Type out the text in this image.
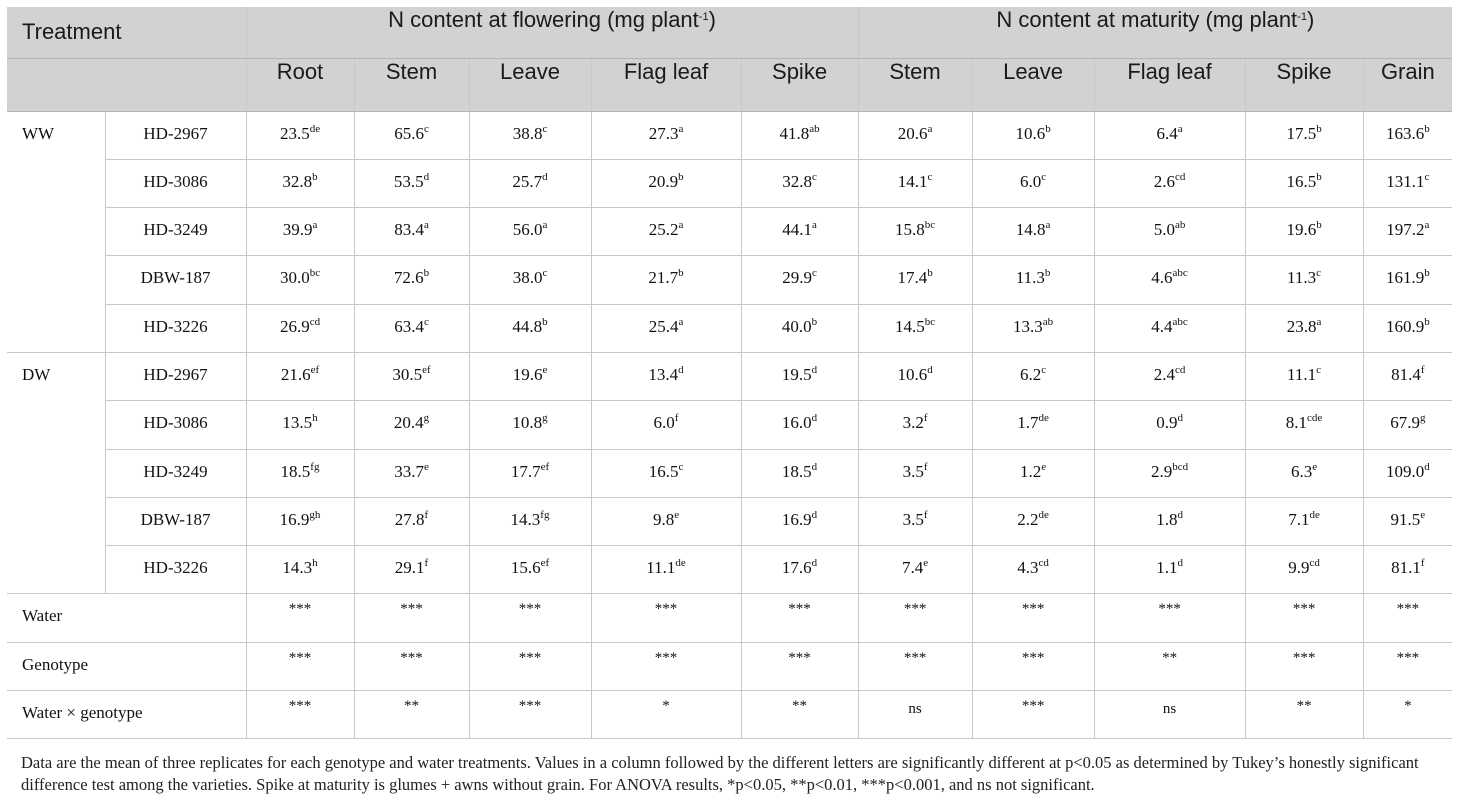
Treatment		N content at flowering (mg plant$^{-1}$)					N content at maturity (mg plant$^{-1}$)				
		Root	Stem	Leave	Flag leaf	Spike	Stem	Leave	Flag leaf	Spike	Grain
WW	HD-2967	23.5de	65.6$^c$	38.8$^c$	27.3$^a$	41.8$^{ab}$	20.6$^a$	10.6$^b$	6.4$^a$	17.5$^b$	163.6$^b$
	HD-3086	32.8$^b$	53.5$^d$	25.7$^d$	20.9$^b$	32.8$^c$	14.1$^c$	6.0$^c$	2.6$^{cd}$	16.5$^b$	131.1$^c$
	HD-3249	39.9$^a$	83.4$^a$	56.0$^a$	25.2$^a$	44.1$^a$	15.8$^{bc}$	14.8$^a$	5.0$^{ab}$	19.6$^b$	197.2$^a$
	DBW-187	30.0$^{bc}$	72.6$^b$	38.0$^c$	21.7$^b$	29.9$^c$	17.4$^b$	11.3$^b$	4.6$^{abc}$	11.3$^c$	161.9$^b$
	HD-3226	26.9$^{cd}$	63.4$^c$	44.8$^b$	25.4$^a$	40.0$^b$	14.5$^{bc}$	13.3$^{ab}$	4.4$^{abc}$	23.8$^a$	160.9$^b$
DW	HD-2967	21.6$^{ef}$	30.5$^{ef}$	19.6e	13.4$^d$	19.5$^d$	10.6$^d$	6.2$^c$	2.4$^{cd}$	11.1$^c$	81.4$^f$
	HD-3086	13.5$^h$	20.4$^g$	10.8$^g$	6.0$^f$	16.0$^d$	3.2$^f$	1.7de	0.9$^d$	8.1$^{cde}$	67.9$^g$
	HD-3249	18.5$^{fg}$	33.7e	17.7$^{ef}$	16.5$^c$	18.5$^d$	3.5$^f$	1.2e	2.9$^{bcd}$	6.3e	109.0$^d$
	DBW-187	16.9$^{gh}$	27.8$^f$	14.3$^{fg}$	9.8e	16.9$^d$	3.5$^f$	2.2de	1.8$^d$	7.1de	91.5e
	HD-3226	14.3$^h$	29.1$^f$	15.6$^{ef}$	11.1de	17.6$^d$	7.4e	4.3$^{cd}$	1.1$^d$	9.9$^{cd}$	81.1$^f$
Water		***	***	***	***	***	***	***	***	***	***
Genotype		***	***	***	***	***	***	***	**	***	***
Water × genotype		***	**	***	*	**	ns	***	ns	**	*
Data are the mean of three replicates for each genotype and water treatments. Values in a column followed by the different letters are significantly different at p<0.05 as determined by Tukey’s honestly significant difference test among the varieties. Spike at maturity is glumes + awns without grain. For ANOVA results, *p<0.05, **p<0.01, ***p<0.001, and ns not significant.
